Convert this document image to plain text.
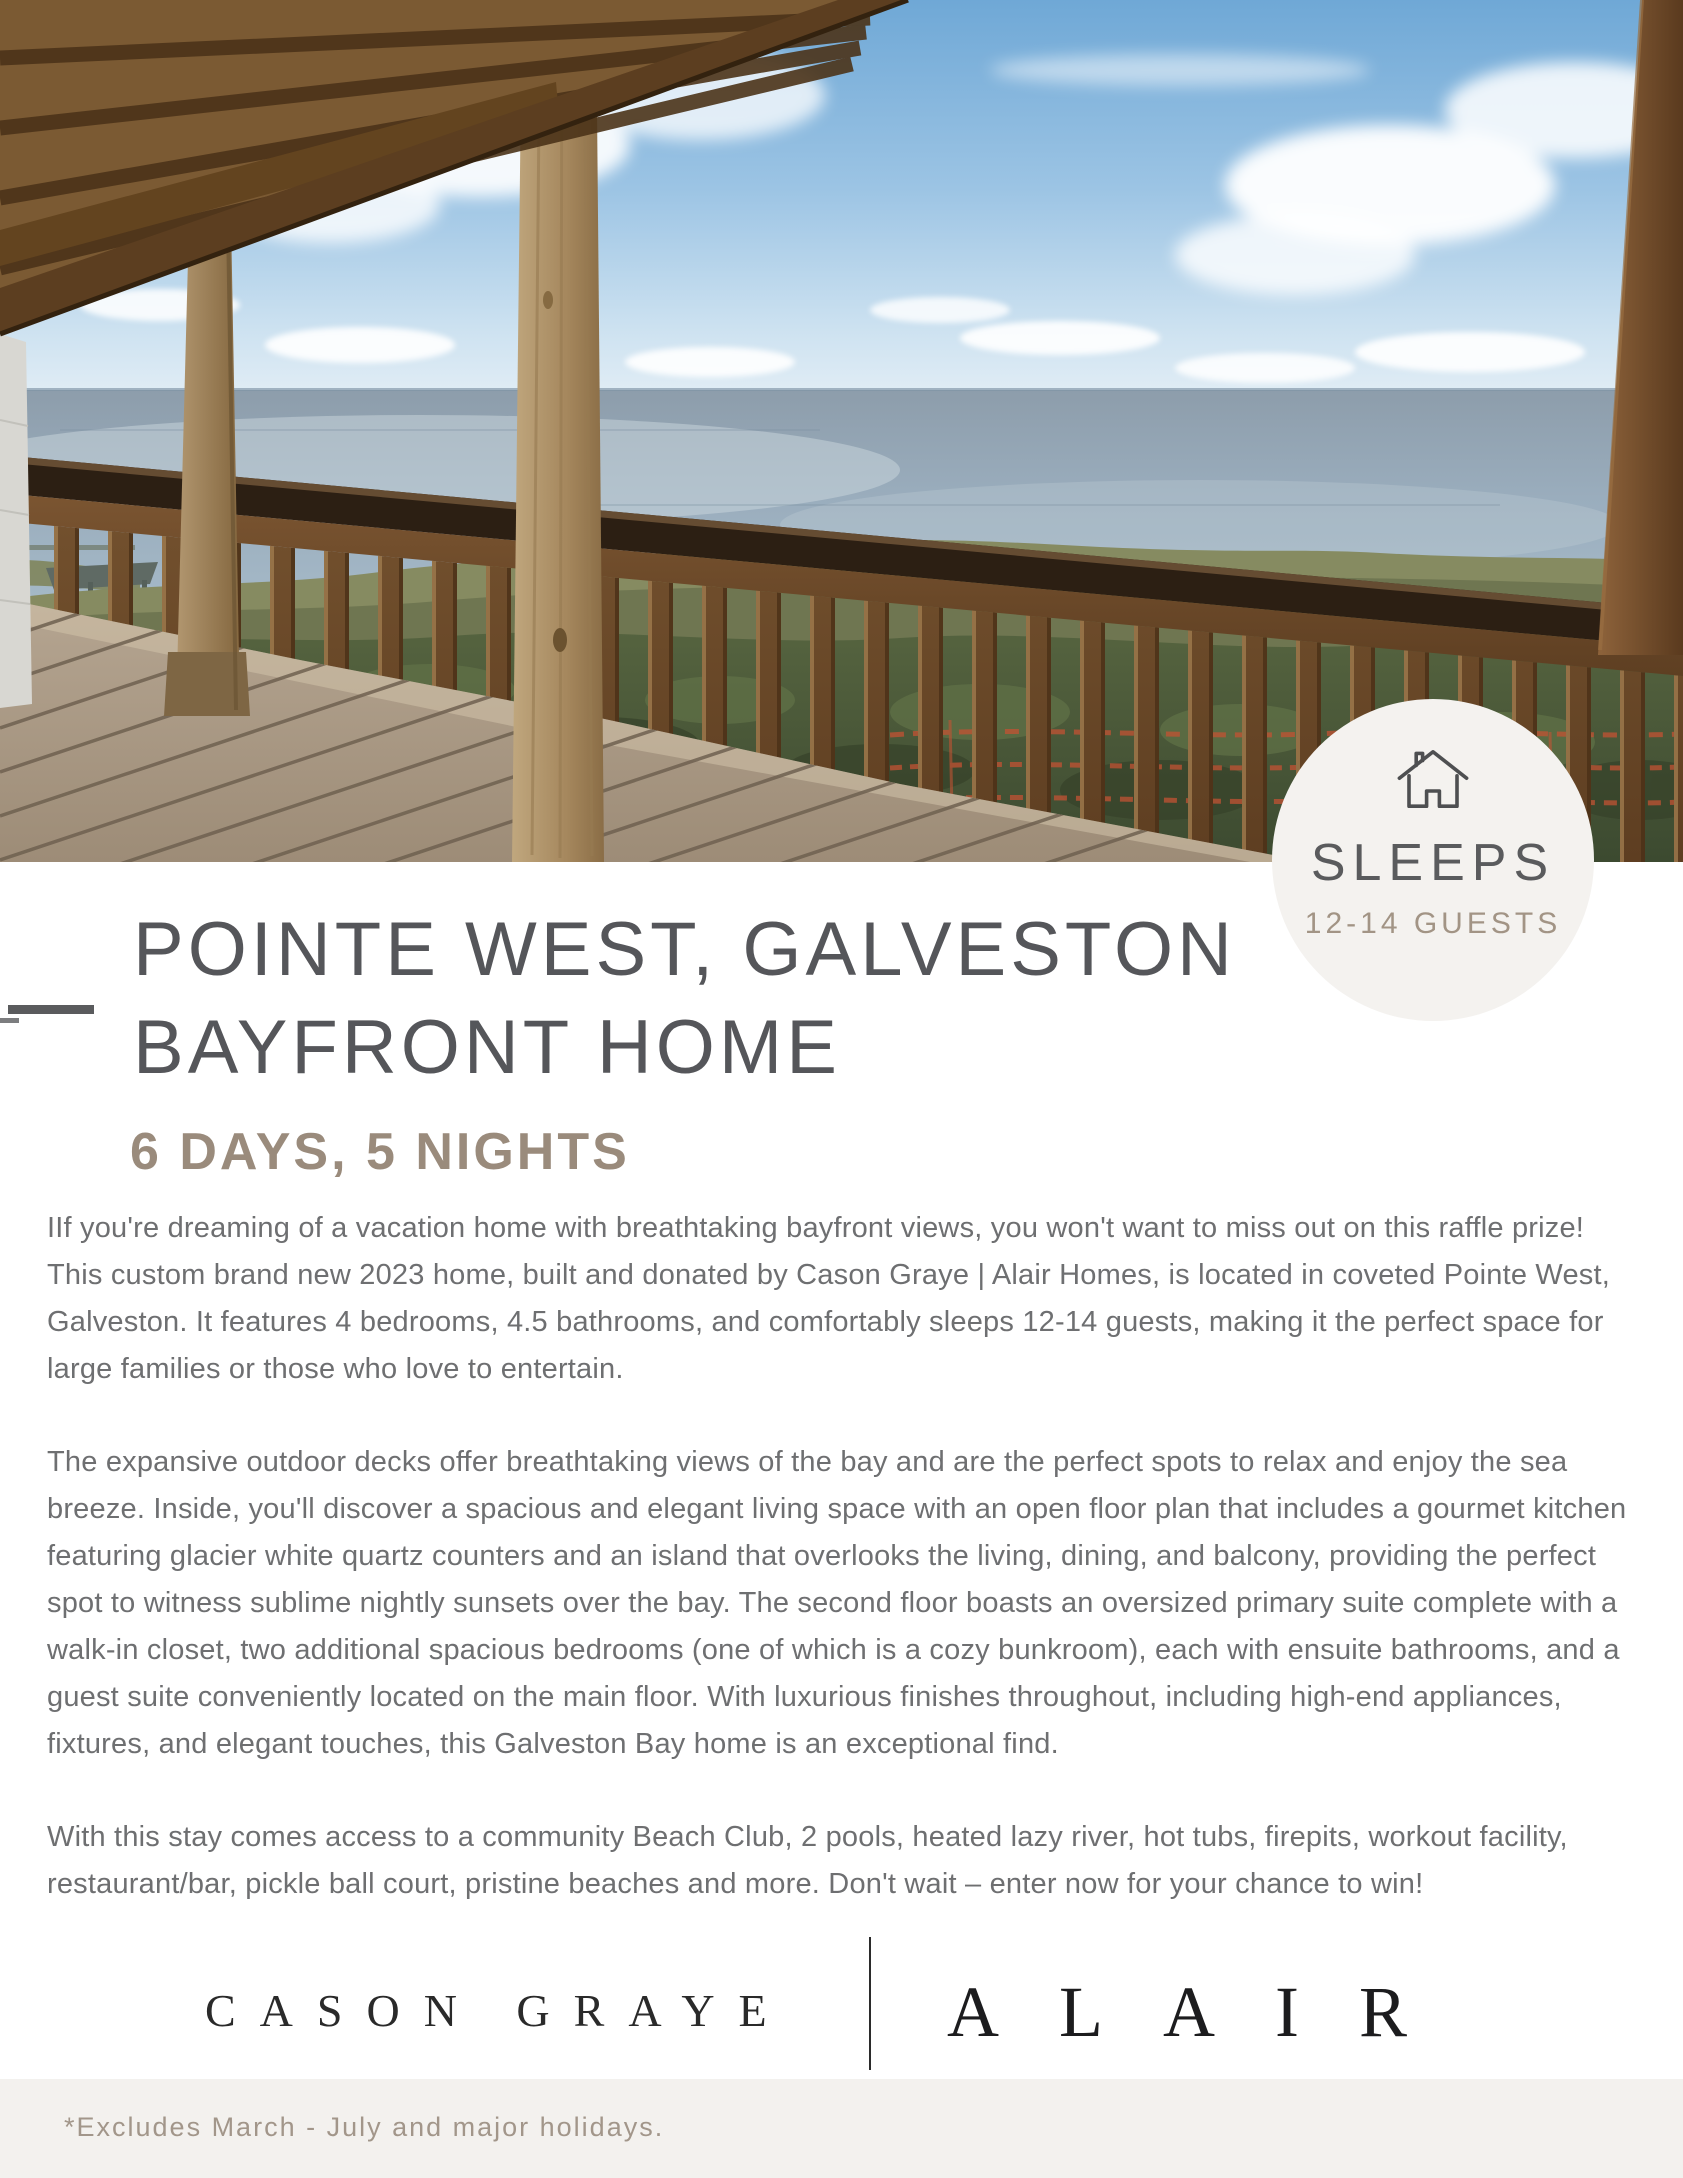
SLEEPS
12-14 GUESTS
POINTE WEST, GALVESTON
BAYFRONT HOME
6 DAYS, 5 NIGHTS

IIf you're dreaming of a vacation home with breathtaking bayfront views, you won't want to miss out on this raffle prize! This custom brand new 2023 home, built and donated by Cason Graye | Alair Homes, is located in coveted Pointe West, Galveston. It features 4 bedrooms, 4.5 bathrooms, and comfortably sleeps 12-14 guests, making it the perfect space for large families or those who love to entertain.

The expansive outdoor decks offer breathtaking views of the bay and are the perfect spots to relax and enjoy the sea breeze. Inside, you'll discover a spacious and elegant living space with an open floor plan that includes a gourmet kitchen featuring glacier white quartz counters and an island that overlooks the living, dining, and balcony, providing the perfect spot to witness sublime nightly sunsets over the bay. The second floor boasts an oversized primary suite complete with a walk-in closet, two additional spacious bedrooms (one of which is a cozy bunkroom), each with ensuite bathrooms, and a guest suite conveniently located on the main floor. With luxurious finishes throughout, including high-end appliances, fixtures, and elegant touches, this Galveston Bay home is an exceptional find.

With this stay comes access to a community Beach Club, 2 pools, heated lazy river, hot tubs, firepits, workout facility, restaurant/bar, pickle ball court, pristine beaches and more. Don't wait – enter now for your chance to win!

CASON GRAYE ALAIR
*Excludes March - July and major holidays.
